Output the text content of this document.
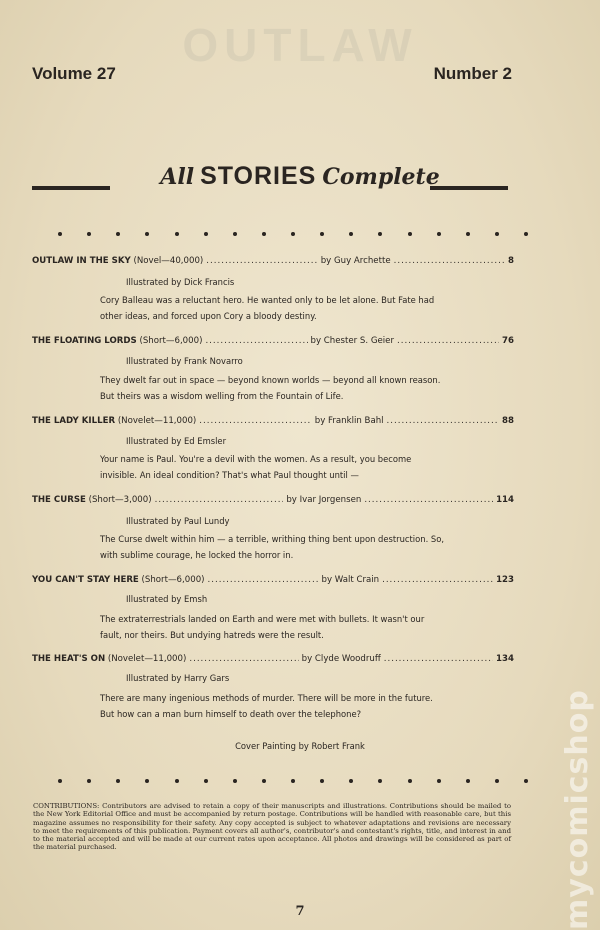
OUTLAW
Volume 27	Number 2
All STORIES Complete
OUTLAW IN THE SKY
(Novel—40,000) .....	by Guy Archette .....	8
Illustrated by Dick Francis
Cory Balleau was a reluctant hero. He wanted only to be let alone. But Fate had other ideas, and forced upon Cory a bloody destiny.
THE FLOATING LORDS
(Short—6,000) .....	by Chester S. Geier .....	76
Illustrated by Frank Novarro
They dwelt far out in space — beyond known worlds — beyond all known reason. But theirs was a wisdom welling from the Fountain of Life.
THE LADY KILLER
(Novelet—11,000) .....	by Franklin Bahl .....	88
Illustrated by Ed Emsler
Your name is Paul. You're a devil with the women. As a result, you become invisible. An ideal condition? That's what Paul thought until —
THE CURSE
(Short—3,000) .....	by Ivar Jorgensen .....	114
Illustrated by Paul Lundy
The Curse dwelt within him — a terrible, writhing thing bent upon destruction. So, with sublime courage, he locked the horror in.
YOU CAN'T STAY HERE
(Short—6,000) .....	by Walt Crain .....	123
Illustrated by Emsh
The extraterrestrials landed on Earth and were met with bullets. It wasn't our fault, nor theirs. But undying hatreds were the result.
THE HEAT'S ON
(Novelet—11,000) .....	by Clyde Woodruff .....	134
Illustrated by Harry Gars
There are many ingenious methods of murder. There will be more in the future. But how can a man burn himself to death over the telephone?
Cover Painting by Robert Frank
CONTRIBUTIONS: Contributors are advised to retain a copy of their manuscripts and illustrations. Contributions should be mailed to the New York Editorial Office and must be accompanied by return postage. Contributions will be handled with reasonable care, but this magazine assumes no responsibility for their safety. Any copy accepted is subject to whatever adaptations and revisions are necessary to meet the requirements of this publication. Payment covers all author's, contributor's and contestant's rights, title, and interest in and to the material accepted and will be made at our current rates upon acceptance. All photos and drawings will be considered as part of the material purchased.
7	mycomicshop
